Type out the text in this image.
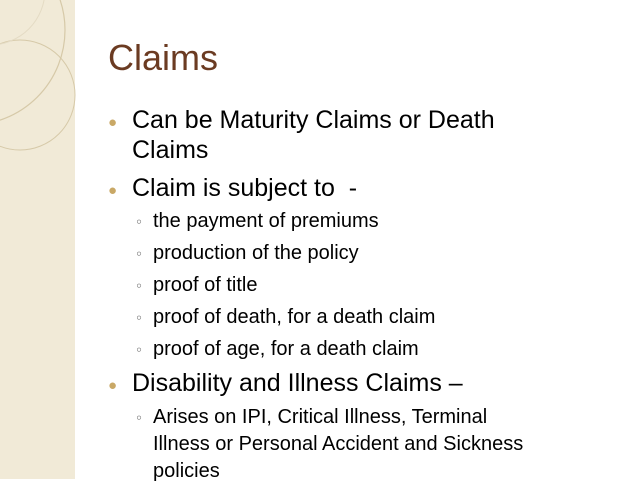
Claims
● Can be Maturity Claims or Death
Claims
● Claim is subject to  -
◦ the payment of premiums
◦ production of the policy
◦ proof of title
◦ proof of death, for a death claim
◦ proof of age, for a death claim
● Disability and Illness Claims –
◦ Arises on IPI, Critical Illness, Terminal
Illness or Personal Accident and Sickness
policies
